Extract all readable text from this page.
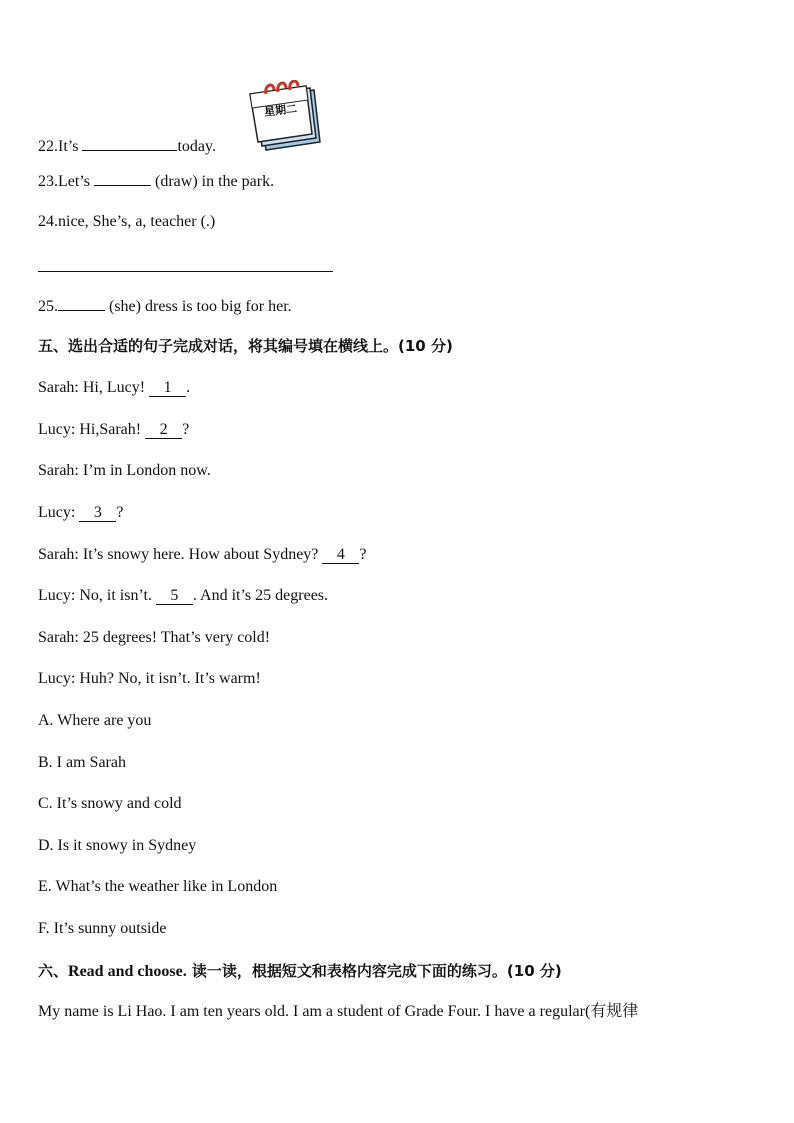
星期二
22.It’s	today.
23.Let’s	(draw) in the park.
24.nice, She’s, a, teacher (.)
25.	(she) dress is too big for her.
五、选出合适的句子完成对话，将其编号填在横线上。(10 分)
Sarah: Hi, Lucy! 1 .
Lucy: Hi,Sarah! 2 ?
Sarah: I’m in London now.
Lucy: 3 ?
Sarah: It’s snowy here. How about Sydney? 4 ?
Lucy: No, it isn’t. 5 . And it’s 25 degrees.
Sarah: 25 degrees! That’s very cold!
Lucy: Huh? No, it isn’t. It’s warm!
A. Where are you
B. I am Sarah
C. It’s snowy and cold
D. Is it snowy in Sydney
E. What’s the weather like in London
F. It’s sunny outside
六、Read and choose. 读一读，根据短文和表格内容完成下面的练习。(10 分)
My name is Li Hao. I am ten years old. I am a student of Grade Four. I have a regular(有规律
